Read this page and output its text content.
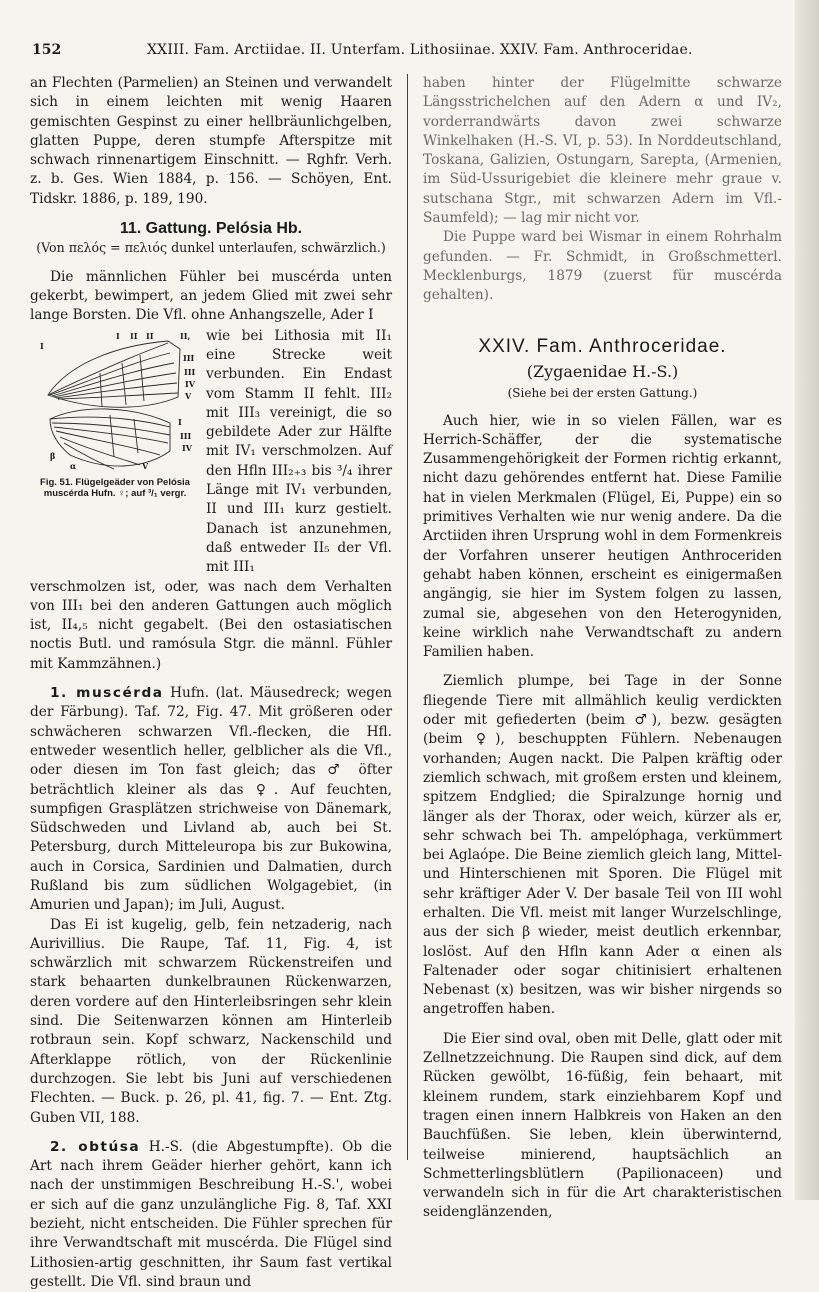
152	XXIII. Fam. Arctiidae. II. Unterfam. Lithosiinae. XXIV. Fam. Anthroceridae.

an Flechten (Parmelien) an Steinen und verwandelt sich in einem leichten mit wenig Haaren gemischten Gespinst zu einer hellbräunlichgelben, glatten Puppe, deren stumpfe Afterspitze mit schwach rinnenartigem Einschnitt. — Rghfr. Verh. z. b. Ges. Wien 1884, p. 156. — Schöyen, Ent. Tidskr. 1886, p. 189, 190.

11. Gattung. Pelósia Hb.

(Von πελός = πελιός dunkel unterlaufen, schwärzlich.)

Die männlichen Fühler bei muscérda unten gekerbt, bewimpert, an jedem Glied mit zwei sehr lange Borsten. Die Vfl. ohne Anhangszelle, Ader I

I
I II II	II,
III
III
IV
V
I
III
IV
V
β
α
Fig. 51. Flügelgeäder von Pelósia muscérda Hufn. ♀; auf ³/₁ vergr.
wie bei Lithosia mit II₁ eine Strecke weit verbunden. Ein Endast vom Stamm II fehlt. III₂ mit III₃ vereinigt, die so gebildete Ader zur Hälfte mit IV₁ verschmolzen. Auf den Hfln III₂₊₃ bis ³/₄ ihrer Länge mit IV₁ verbunden, II und III₁ kurz gestielt. Danach ist anzunehmen, daß entweder II₅ der Vfl. mit III₁

verschmolzen ist, oder, was nach dem Verhalten von III₁ bei den anderen Gattungen auch möglich ist, II₄,₅ nicht gegabelt. (Bei den ostasiatischen noctis Butl. und ramósula Stgr. die männl. Fühler mit Kammzähnen.)

1. muscérda Hufn. (lat. Mäusedreck; wegen der Färbung). Taf. 72, Fig. 47. Mit größeren oder schwächeren schwarzen Vfl.-flecken, die Hfl. entweder wesentlich heller, gelblicher als die Vfl., oder diesen im Ton fast gleich; das ♂ öfter beträchtlich kleiner als das ♀. Auf feuchten, sumpfigen Grasplätzen strichweise von Dänemark, Südschweden und Livland ab, auch bei St. Petersburg, durch Mitteleuropa bis zur Bukowina, auch in Corsica, Sardinien und Dalmatien, durch Rußland bis zum südlichen Wolgagebiet, (in Amurien und Japan); im Juli, August.

Das Ei ist kugelig, gelb, fein netzaderig, nach Aurivillius. Die Raupe, Taf. 11, Fig. 4, ist schwärzlich mit schwarzem Rückenstreifen und stark behaarten dunkelbraunen Rückenwarzen, deren vordere auf den Hinterleibsringen sehr klein sind. Die Seitenwarzen können am Hinterleib rotbraun sein. Kopf schwarz, Nackenschild und Afterklappe rötlich, von der Rückenlinie durchzogen. Sie lebt bis Juni auf verschiedenen Flechten. — Buck. p. 26, pl. 41, fig. 7. — Ent. Ztg. Guben VII, 188.

2. obtúsa H.-S. (die Abgestumpfte). Ob die Art nach ihrem Geäder hierher gehört, kann ich nach der unstimmigen Beschreibung H.-S.', wobei er sich auf die ganz unzulängliche Fig. 8, Taf. XXI bezieht, nicht entscheiden. Die Fühler sprechen für ihre Verwandtschaft mit muscérda. Die Flügel sind Lithosien-artig geschnitten, ihr Saum fast vertikal gestellt. Die Vfl. sind braun und

haben hinter der Flügelmitte schwarze Längsstrichelchen auf den Adern α und IV₂, vorderrandwärts davon zwei schwarze Winkelhaken (H.-S. VI, p. 53). In Norddeutschland, Toskana, Galizien, Ostungarn, Sarepta, (Armenien, im Süd-Ussurigebiet die kleinere mehr graue v. sutschana Stgr., mit schwarzen Adern im Vfl.-Saumfeld); — lag mir nicht vor.

Die Puppe ward bei Wismar in einem Rohrhalm gefunden. — Fr. Schmidt, in Großschmetterl. Mecklenburgs, 1879 (zuerst für muscérda gehalten).

XXIV. Fam. Anthroceridae.

(Zygaenidae H.-S.)

(Siehe bei der ersten Gattung.)

Auch hier, wie in so vielen Fällen, war es Herrich-Schäffer, der die systematische Zusammengehörigkeit der Formen richtig erkannt, nicht dazu gehörendes entfernt hat. Diese Familie hat in vielen Merkmalen (Flügel, Ei, Puppe) ein so primitives Verhalten wie nur wenig andere. Da die Arctiiden ihren Ursprung wohl in dem Formenkreis der Vorfahren unserer heutigen Anthroceriden gehabt haben können, erscheint es einigermaßen angängig, sie hier im System folgen zu lassen, zumal sie, abgesehen von den Heterogyniden, keine wirklich nahe Verwandtschaft zu andern Familien haben.

Ziemlich plumpe, bei Tage in der Sonne fliegende Tiere mit allmählich keulig verdickten oder mit gefiederten (beim ♂), bezw. gesägten (beim ♀), beschuppten Fühlern. Nebenaugen vorhanden; Augen nackt. Die Palpen kräftig oder ziemlich schwach, mit großem ersten und kleinem, spitzem Endglied; die Spiralzunge hornig und länger als der Thorax, oder weich, kürzer als er, sehr schwach bei Th. ampelóphaga, verkümmert bei Aglaópe. Die Beine ziemlich gleich lang, Mittel- und Hinterschienen mit Sporen. Die Flügel mit sehr kräftiger Ader V. Der basale Teil von III wohl erhalten. Die Vfl. meist mit langer Wurzelschlinge, aus der sich β wieder, meist deutlich erkennbar, loslöst. Auf den Hfln kann Ader α einen als Faltenader oder sogar chitinisiert erhaltenen Nebenast (x) besitzen, was wir bisher nirgends so angetroffen haben.

Die Eier sind oval, oben mit Delle, glatt oder mit Zellnetzzeichnung. Die Raupen sind dick, auf dem Rücken gewölbt, 16-füßig, fein behaart, mit kleinem rundem, stark einziehbarem Kopf und tragen einen innern Halbkreis von Haken an den Bauchfüßen. Sie leben, klein überwinternd, teilweise minierend, hauptsächlich an Schmetterlingsblütlern (Papilionaceen) und verwandeln sich in für die Art charakteristischen seidenglänzenden,
